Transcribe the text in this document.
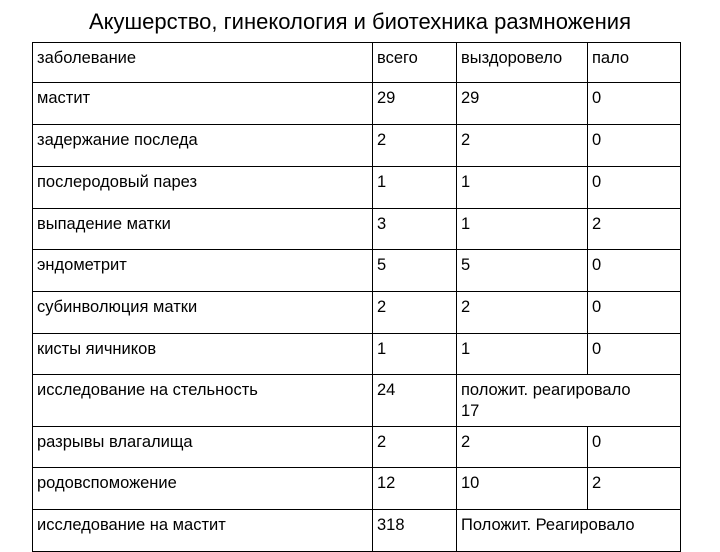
Акушерство, гинекология и биотехника размножения
заболевание	всего	выздоровело	пало
мастит	29	29	0
задержание последа	2	2	0
послеродовый парез	1	1	0
выпадение матки	3	1	2
эндометрит	5	5	0
субинволюция матки	2	2	0
кисты яичников	1	1	0
исследование на стельность	24	положит. реагировало 17	

разрывы влагалища	2	2	0
родовспоможение	12	10	2
исследование на мастит	318	Положит. Реагировало	
